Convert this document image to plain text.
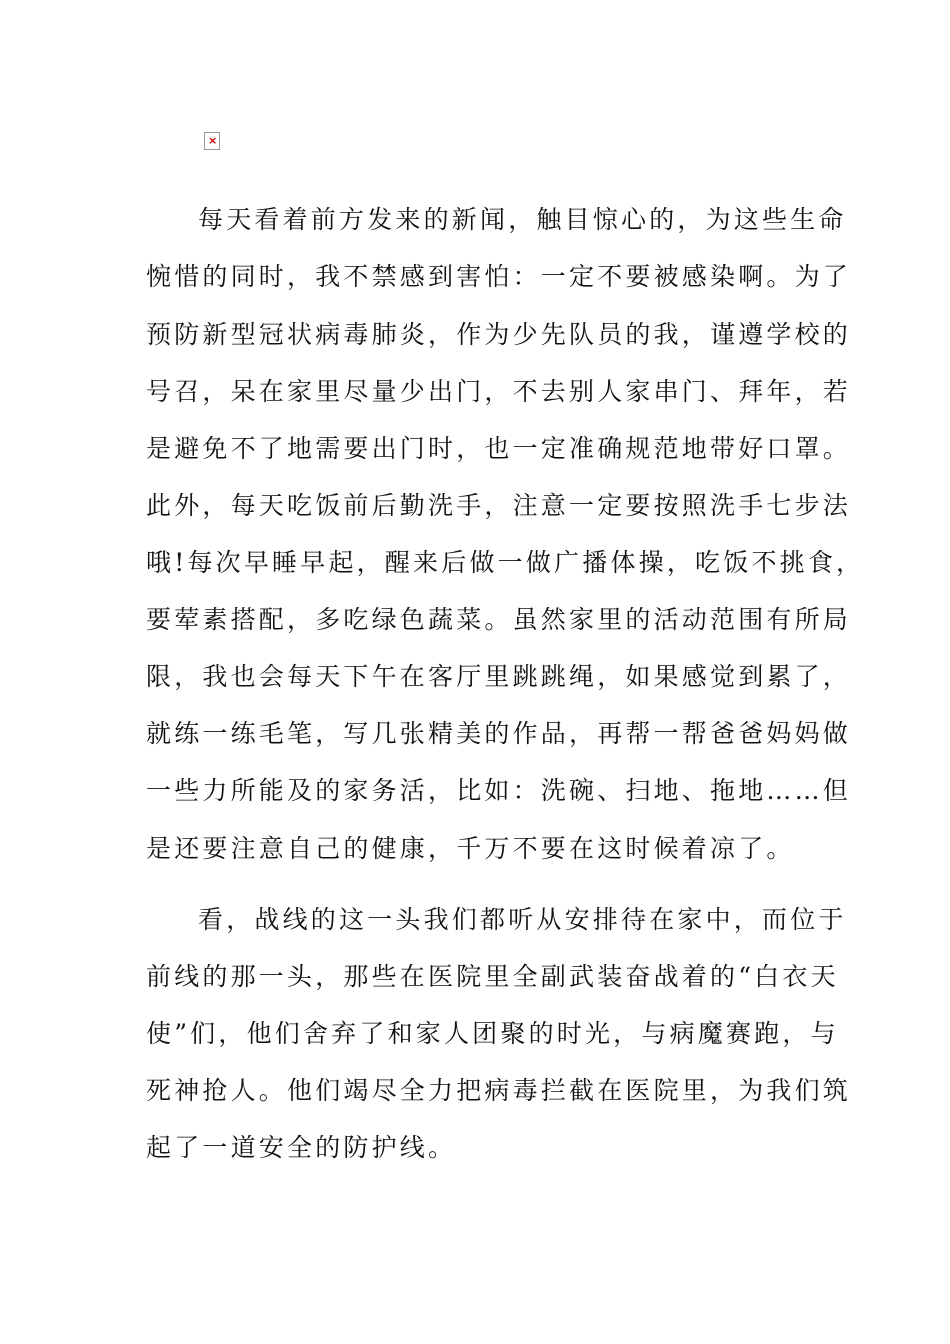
×
每天看着前方发来的新闻，触目惊心的，为这些生命
惋惜的同时，我不禁感到害怕：一定不要被感染啊。为了
预防新型冠状病毒肺炎，作为少先队员的我，谨遵学校的
号召，呆在家里尽量少出门，不去别人家串门、拜年，若
是避免不了地需要出门时，也一定准确规范地带好口罩。
此外，每天吃饭前后勤洗手，注意一定要按照洗手七步法
哦!每次早睡早起，醒来后做一做广播体操，吃饭不挑食，
要荤素搭配，多吃绿色蔬菜。虽然家里的活动范围有所局
限，我也会每天下午在客厅里跳跳绳，如果感觉到累了，
就练一练毛笔，写几张精美的作品，再帮一帮爸爸妈妈做
一些力所能及的家务活，比如：洗碗、扫地、拖地……但
是还要注意自己的健康，千万不要在这时候着凉了。
看，战线的这一头我们都听从安排待在家中，而位于
前线的那一头，那些在医院里全副武装奋战着的“白衣天
使”们，他们舍弃了和家人团聚的时光，与病魔赛跑，与
死神抢人。他们竭尽全力把病毒拦截在医院里，为我们筑
起了一道安全的防护线。
